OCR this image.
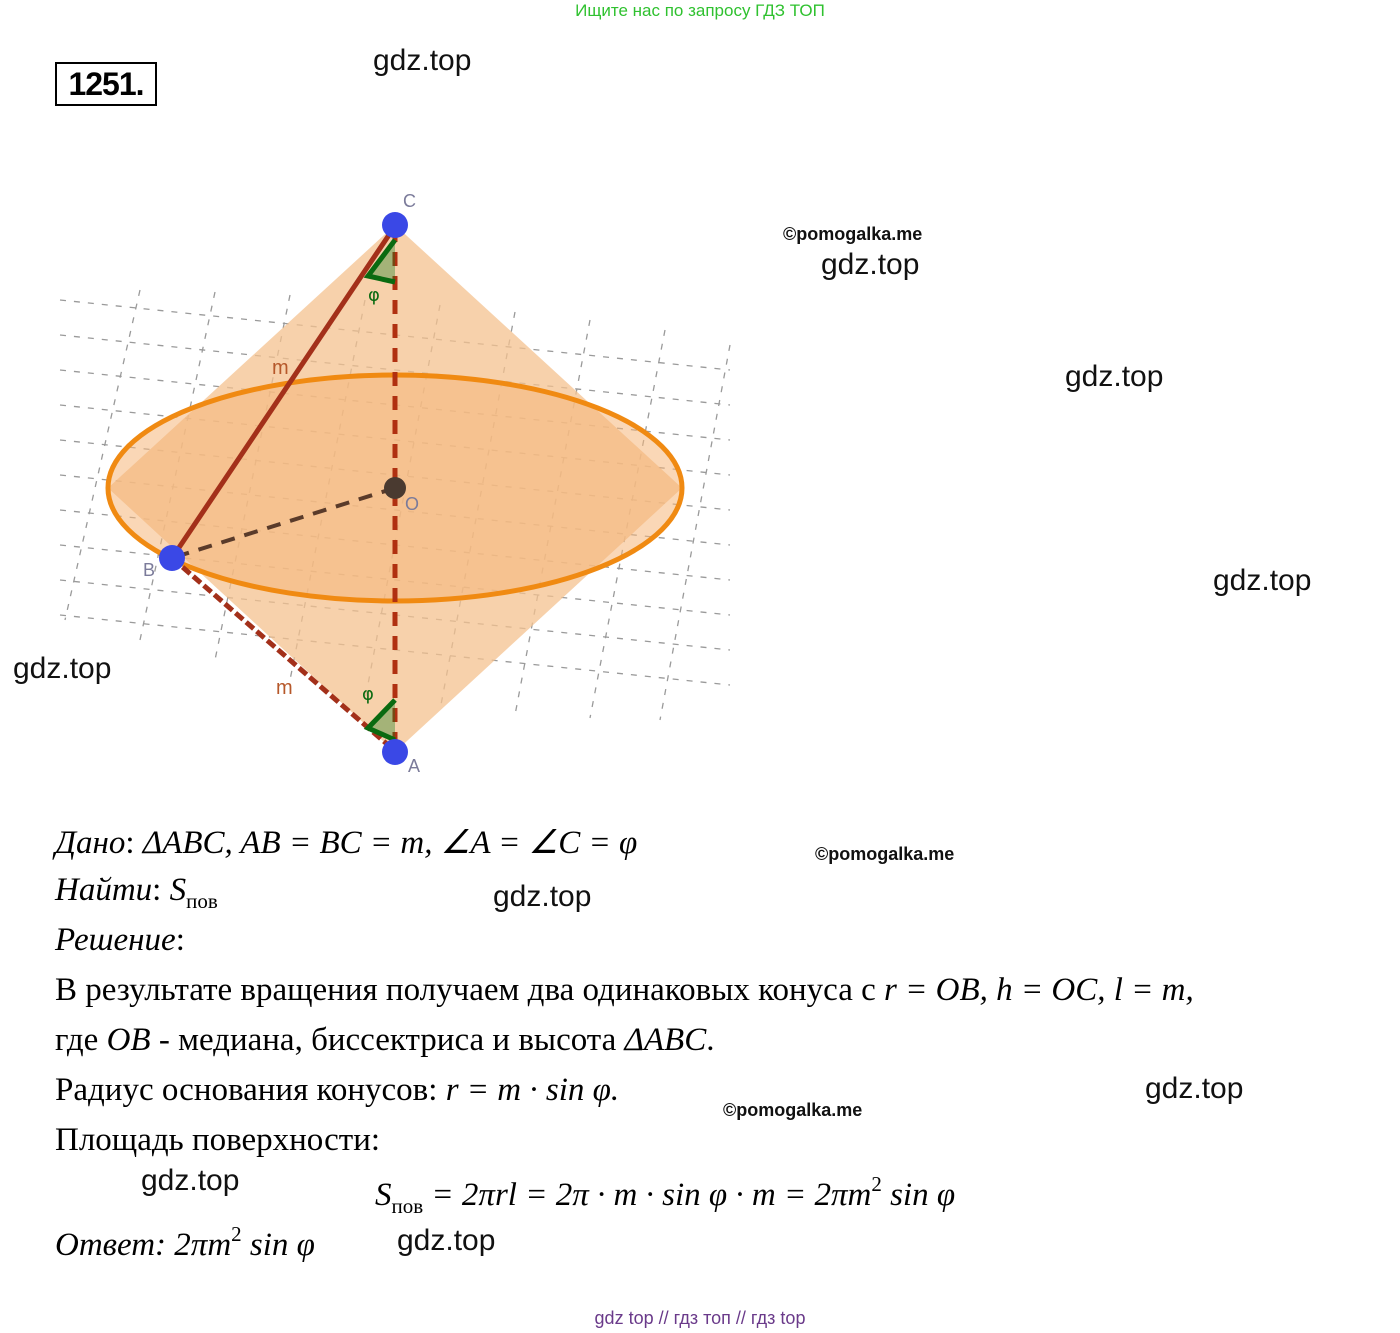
Ищите нас по запросу ГДЗ ТОП
1251.
gdz.top
gdz.top
gdz.top
gdz.top
gdz.top
gdz.top
gdz.top
gdz.top
gdz.top
©pomogalka.me
©pomogalka.me
©pomogalka.me
C
B
A
O
m
m
φ
φ
Дано: ΔABC, AB = BC = m, ∠A = ∠C = φ
Найти: $S_{пов}$
Решение:
В результате вращения получаем два одинаковых конуса с r = OB, h = OC, l = m,
где OB - медиана, биссектриса и высота ΔABC.
Радиус основания конусов: r = m · sin φ.
Площадь поверхности:
$S_{пов} = 2\pi rl = 2\pi \cdot m \cdot \sin \varphi \cdot m = 2\pi m^2$ sin φ
Ответ: $2\pi m^2$ sin φ
gdz top // гдз топ // гдз top
